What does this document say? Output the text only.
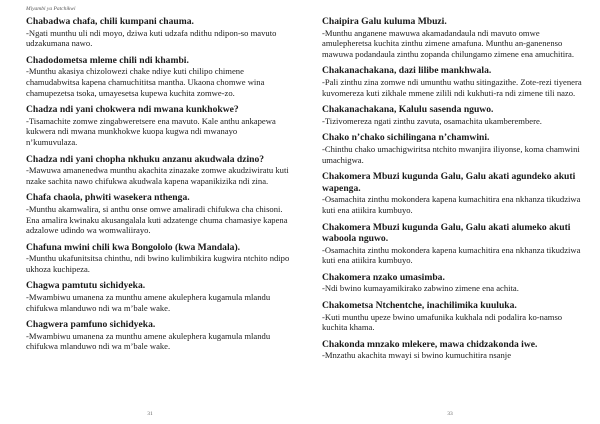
Miyambi ya Patchikwi

Chabadwa chafa, chili kumpani chauma.

-Ngati munthu uli ndi moyo, dziwa kuti udzafa ndithu ndipon-so mavuto udzakumana nawo.

Chadodometsa mleme chili ndi khambi.

-Munthu akasiya chizolowezi chake ndiye kuti chilipo chimene chamudabwitsa kapena chamuchititsa mantha. Ukaona chomwe wina chamupezetsa tsoka, umayesetsa kupewa kuchita zomwe-zo.

Chadza ndi yani chokwera ndi mwana kunkhokwe?

-Tisamachite zomwe zingabweretsere ena mavuto. Kale anthu ankapewa kukwera ndi mwana munkhokwe kuopa kugwa ndi mwanayo n’kumuvulaza.

Chadza ndi yani chopha nkhuku anzanu akudwala dzino?

-Mawuwa amanenedwa munthu akachita zinazake zomwe akudziwiratu kuti nzake sachita nawo chifukwa akudwala kapena wapanikizika ndi zina.

Chafa chaola, phwiti wasekera nthenga.

-Munthu akamwalira, si anthu onse omwe amaliradi chifukwa cha chisoni. Ena amalira kwinaku akusangalala kuti adzatenge chuma chamasiye kapena adzalowe udindo wa womwaliirayo.

Chafuna mwini chili kwa Bongololo (kwa Mandala).

-Munthu ukafunitsitsa chinthu, ndi bwino kulimbikira kugwira ntchito ndipo ukhoza kuchipeza.

Chagwa pamtutu sichidyeka.

-Mwambiwu umanena za munthu amene akulephera kugamula mlandu chifukwa mlanduwo ndi wa m’bale wake.

Chagwera pamfuno sichidyeka.

-Mwambiwu umanena za munthu amene akulephera kugamula mlandu chifukwa mlanduwo ndi wa m’bale wake.

31

Chaipira Galu kuluma Mbuzi.

-Munthu anganene mawuwa akamadandaula ndi mavuto omwe amulepheretsa kuchita zinthu zimene amafuna. Munthu an-ganenenso mawuwa podandaula zinthu zopanda chilungamo zimene ena amuchitira.

Chakanachakana, dazi lilibe mankhwala.

-Pali zinthu zina zomwe ndi umunthu wathu sitingazithe. Zote-rezi tiyenera kuvomereza kuti zikhale mmene zilili ndi kukhuti-ra ndi zimene tili nazo.

Chakanachakana, Kalulu sasenda nguwo.

-Tizivomereza ngati zinthu zavuta, osamachita ukamberembere.

Chako n’chako sichilingana n’chamwini.

-Chinthu chako umachigwiritsa ntchito mwanjira iliyonse, koma chamwini umachigwa.

Chakomera Mbuzi kugunda Galu, Galu akati agundeko akuti wapenga.

-Osamachita zinthu mokondera kapena kumachitira ena nkhanza tikudziwa kuti ena atiikira kumbuyo.

Chakomera Mbuzi kugunda Galu, Galu akati alumeko akuti waboola nguwo.

-Osamachita zinthu mokondera kapena kumachitira ena nkhanza tikudziwa kuti ena atiikira kumbuyo.

Chakomera nzako umasimba.

-Ndi bwino kumayamikirako zabwino zimene ena achita.

Chakometsa Ntchentche, inachilimika kuuluka.

-Kuti munthu upeze bwino umafunika kukhala ndi podalira ko-namso kuchita khama.

Chakonda mnzako mlekere, mawa chidzakonda iwe.

-Mnzathu akachita mwayi si bwino kumuchitira nsanje

33
